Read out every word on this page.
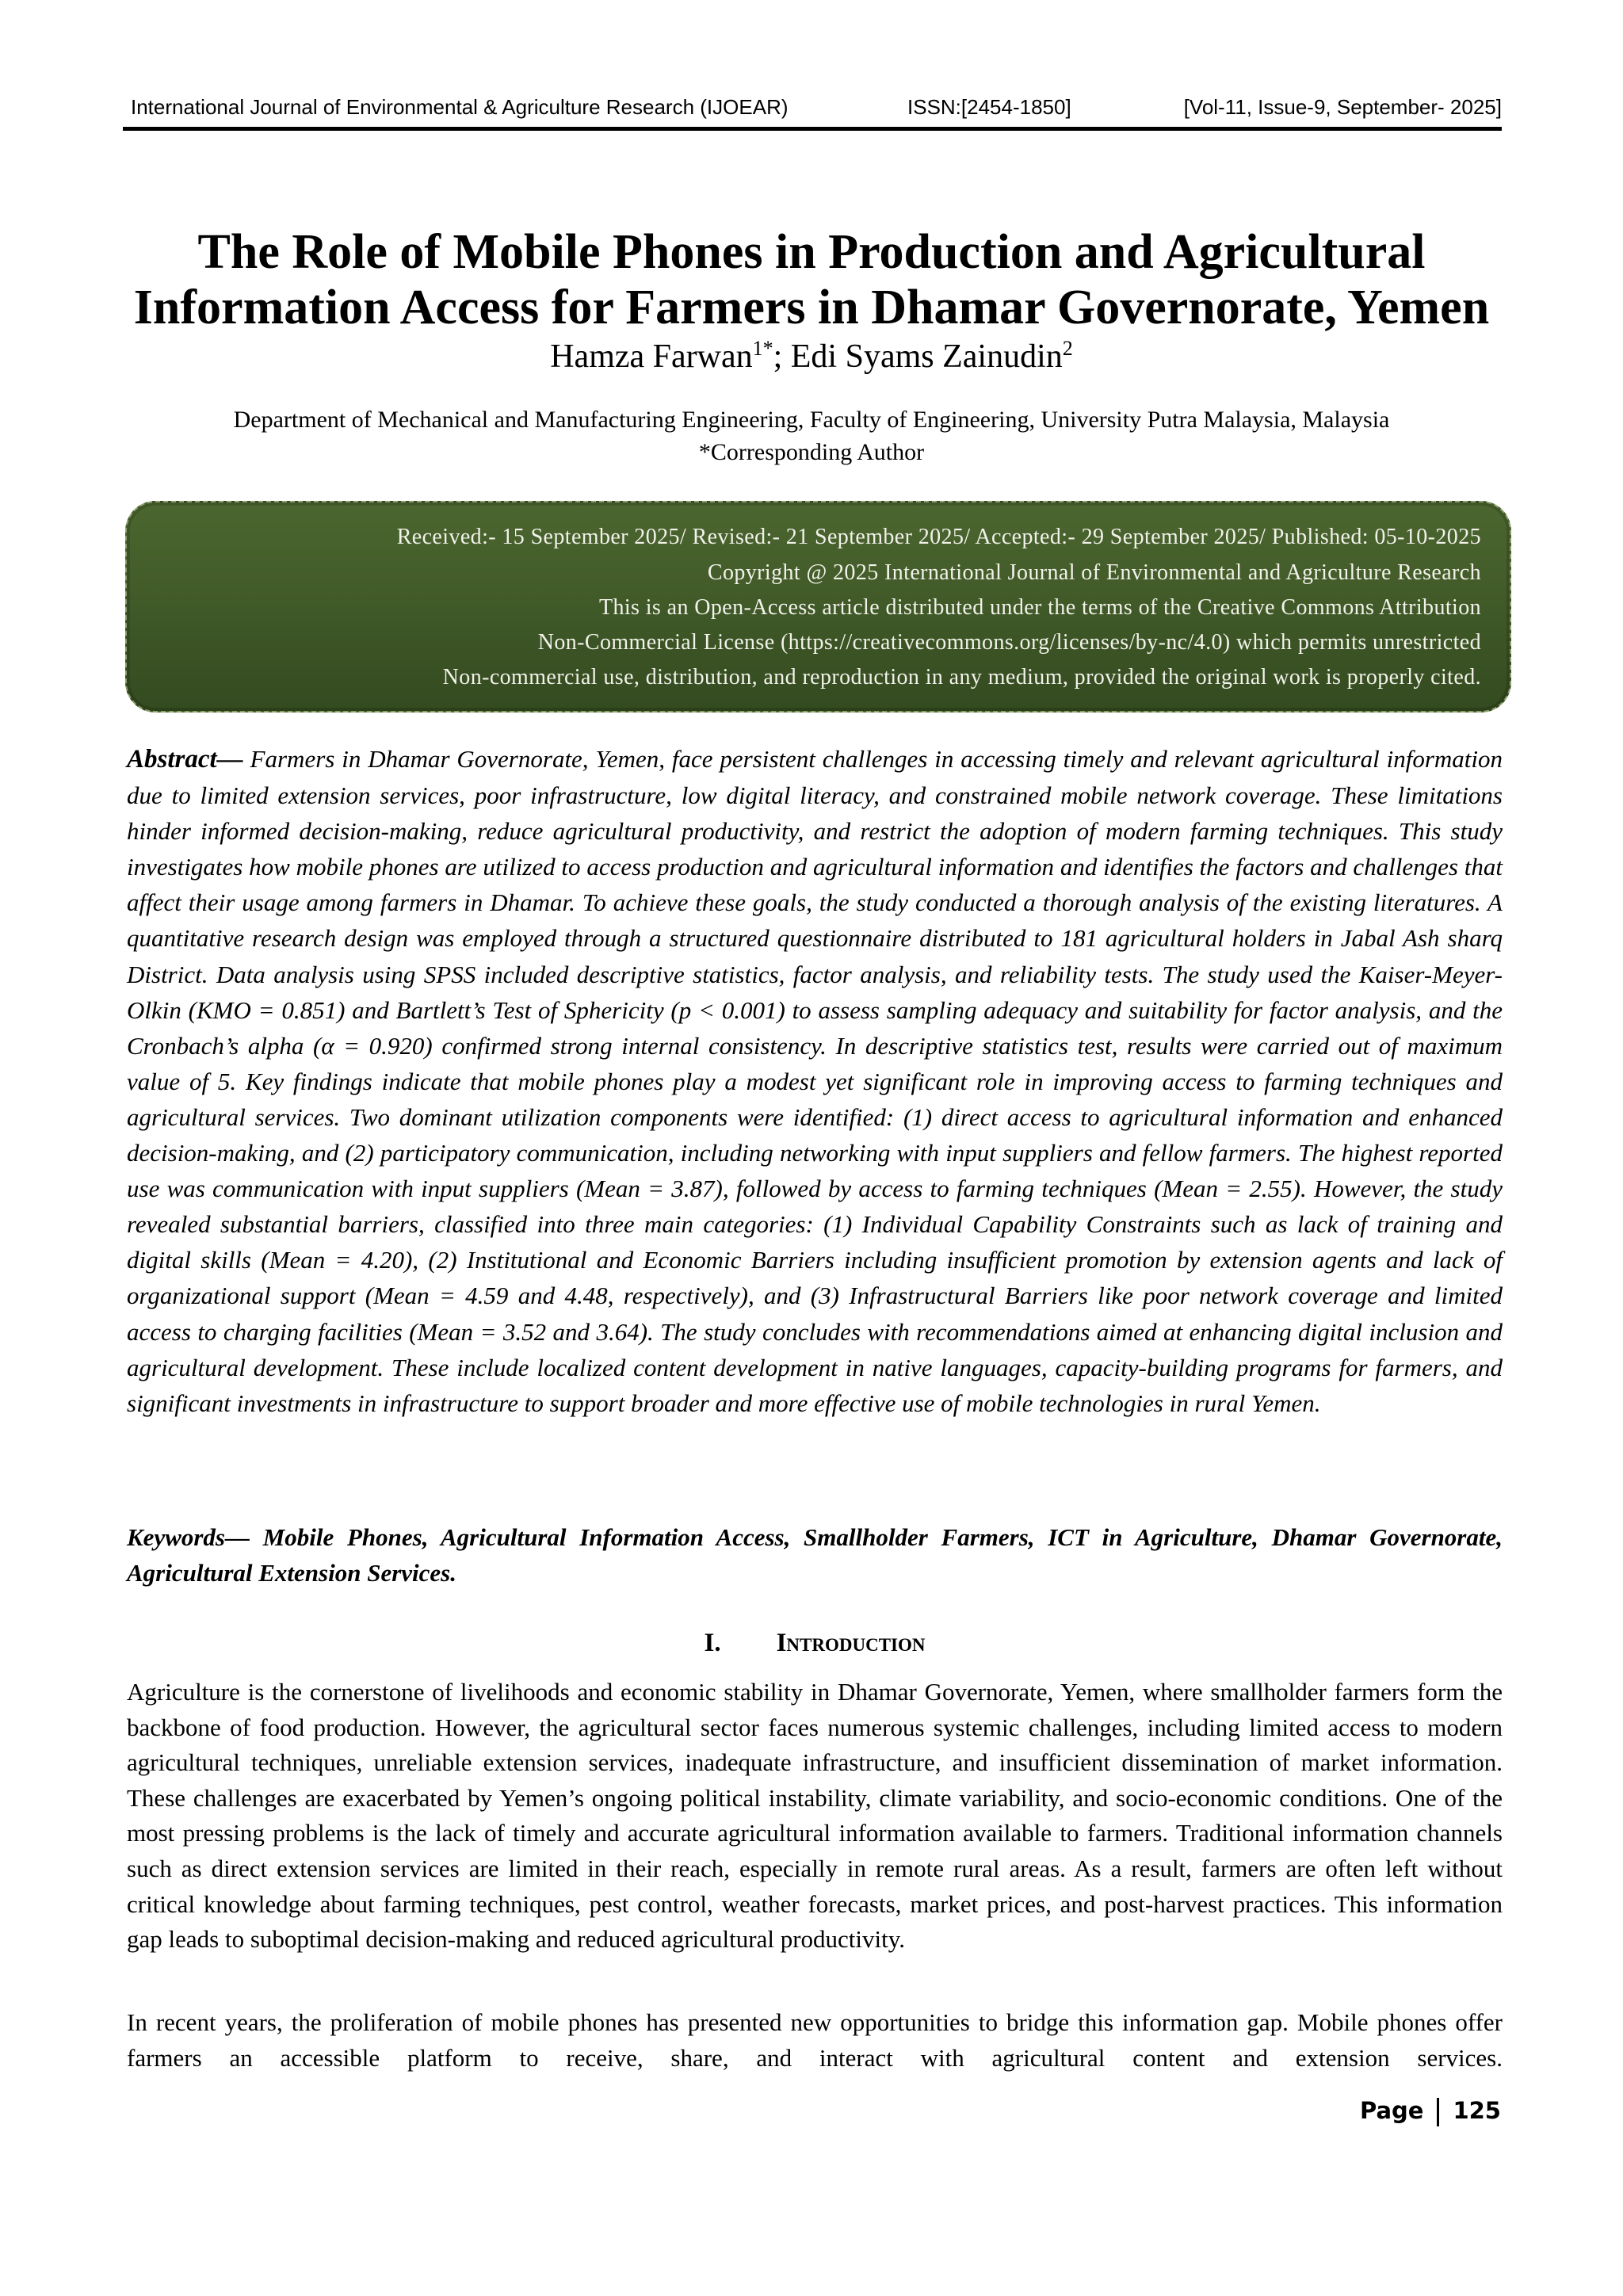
International Journal of Environmental & Agriculture Research (IJOEAR)	ISSN:[2454-1850]	[Vol-11, Issue-9, September- 2025]
The Role of Mobile Phones in Production and Agricultural
Information Access for Farmers in Dhamar Governorate, Yemen
Hamza Farwan$^{1*}$; Edi Syams Zainudin$^2$
Department of Mechanical and Manufacturing Engineering, Faculty of Engineering, University Putra Malaysia, Malaysia
*Corresponding Author
Received:- 15 September 2025/ Revised:- 21 September 2025/ Accepted:- 29 September 2025/ Published: 05-10-2025
Copyright @ 2025 International Journal of Environmental and Agriculture Research
This is an Open-Access article distributed under the terms of the Creative Commons Attribution
Non-Commercial License (https://creativecommons.org/licenses/by-nc/4.0) which permits unrestricted
Non-commercial use, distribution, and reproduction in any medium, provided the original work is properly cited.

Abstract— Farmers in Dhamar Governorate, Yemen, face persistent challenges in accessing timely and relevant agricultural information due to limited extension services, poor infrastructure, low digital literacy, and constrained mobile network coverage. These limitations hinder informed decision-making, reduce agricultural productivity, and restrict the adoption of modern farming techniques. This study investigates how mobile phones are utilized to access production and agricultural information and identifies the factors and challenges that affect their usage among farmers in Dhamar. To achieve these goals, the study conducted a thorough analysis of the existing literatures. A quantitative research design was employed through a structured questionnaire distributed to 181 agricultural holders in Jabal Ash sharq District. Data analysis using SPSS included descriptive statistics, factor analysis, and reliability tests. The study used the Kaiser-Meyer-Olkin (KMO = 0.851) and Bartlett’s Test of Sphericity (p < 0.001) to assess sampling adequacy and suitability for factor analysis, and the Cronbach’s alpha (α = 0.920) confirmed strong internal consistency. In descriptive statistics test, results were carried out of maximum value of 5. Key findings indicate that mobile phones play a modest yet significant role in improving access to farming techniques and agricultural services. Two dominant utilization components were identified: (1) direct access to agricultural information and enhanced decision-making, and (2) participatory communication, including networking with input suppliers and fellow farmers. The highest reported use was communication with input suppliers (Mean = 3.87), followed by access to farming techniques (Mean = 2.55). However, the study revealed substantial barriers, classified into three main categories: (1) Individual Capability Constraints such as lack of training and digital skills (Mean = 4.20), (2) Institutional and Economic Barriers including insufficient promotion by extension agents and lack of organizational support (Mean = 4.59 and 4.48, respectively), and (3) Infrastructural Barriers like poor network coverage and limited access to charging facilities (Mean = 3.52 and 3.64). The study concludes with recommendations aimed at enhancing digital inclusion and agricultural development. These include localized content development in native languages, capacity-building programs for farmers, and significant investments in infrastructure to support broader and more effective use of mobile technologies in rural Yemen.

Keywords— Mobile Phones, Agricultural Information Access, Smallholder Farmers, ICT in Agriculture, Dhamar Governorate, Agricultural Extension Services.

I. Introduction

Agriculture is the cornerstone of livelihoods and economic stability in Dhamar Governorate, Yemen, where smallholder farmers form the backbone of food production. However, the agricultural sector faces numerous systemic challenges, including limited access to modern agricultural techniques, unreliable extension services, inadequate infrastructure, and insufficient dissemination of market information. These challenges are exacerbated by Yemen’s ongoing political instability, climate variability, and socio-economic conditions. One of the most pressing problems is the lack of timely and accurate agricultural information available to farmers. Traditional information channels such as direct extension services are limited in their reach, especially in remote rural areas. As a result, farmers are often left without critical knowledge about farming techniques, pest control, weather forecasts, market prices, and post-harvest practices. This information gap leads to suboptimal decision-making and reduced agricultural productivity.

In recent years, the proliferation of mobile phones has presented new opportunities to bridge this information gap. Mobile phones offer farmers an accessible platform to receive, share, and interact with agricultural content and extension services.

Page 125
